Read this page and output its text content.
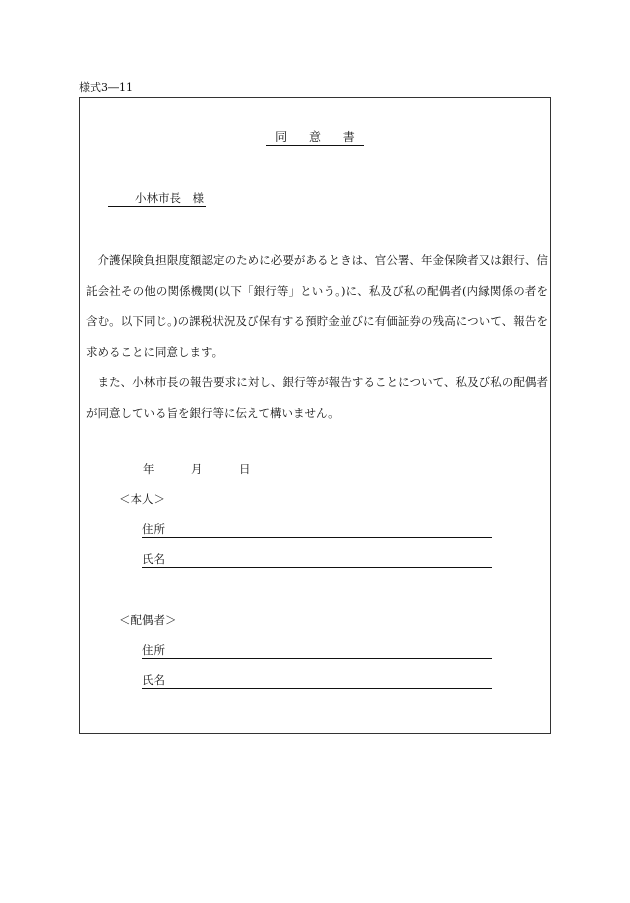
様式3―11
同 意 書
小林市長　様

介護保険負担限度額認定のために必要があるときは、官公署、年金保険者又は銀行、信託会社その他の関係機関(以下「銀行等」という。)に、私及び私の配偶者(内縁関係の者を含む。以下同じ。)の課税状況及び保有する預貯金並びに有価証券の残高について、報告を求めることに同意します。

また、小林市長の報告要求に対し、銀行等が報告することについて、私及び私の配偶者が同意している旨を銀行等に伝えて構いません。

年	月	日
＜本人＞
住所
氏名
＜配偶者＞
住所
氏名
